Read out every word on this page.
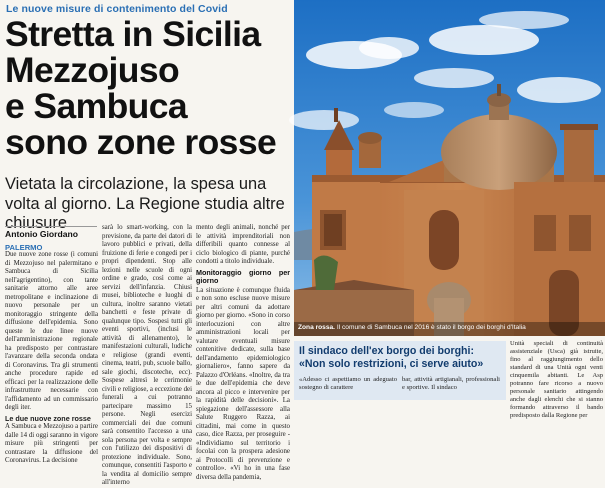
Le nuove misure di contenimento del Covid
Stretta in Sicilia
Mezzojuso
e Sambuca
sono zone rosse
Vietata la circolazione, la spesa una volta al giorno. La Regione studia altre chiusure
Antonio Giordano
PALERMO

Due nuove zone rosse (i comuni di Mezzojuso nel palermitano e Sambuca di Sicilia nell'agrigentino), con tante sanitarie attorno alle aree metropolitane e inclinazione di nuovo personale per un monitoraggio stringente della diffusione dell'epidemia. Sono queste le due linee nuove dell'amministrazione regionale ha predisposto per contrastare l'avanzare della seconda ondata di Coronavirus. Tra gli strumenti anche procedure rapide ed efficaci per la realizzazione delle infrastrutture necessarie con l'affidamento ad un commissario degli iter.

Le due nuove zone rosse

A Sambuca e Mezzojuso a partire dalle 14 di oggi saranno in vigore misure più stringenti per contrastare la diffusione del Coronavirus. La decisione

sarà lo smart-working, con la previsione, da parte dei datori di lavoro pubblici e privati, della fruizione di ferie e congedi per i propri dipendenti. Stop alle lezioni nelle scuole di ogni ordine e grado, così come ai servizi dell'infanzia. Chiusi musei, biblioteche e luoghi di cultura, inoltre saranno vietati banchetti e feste private di qualunque tipo. Sospesi tutti gli eventi sportivi, (inclusi le attività di allenamento), le manifestazioni culturali, ludiche e religiose (grandi eventi, cinema, teatri, pub, scuole ballo, sale giochi, discoteche, ecc). Sospese altresì le cerimonie civili e religiose, a eccezione dei funerali a cui potranno partecipare massimo 15 persone. Negli esercizi commerciali dei due comuni sarà consentito l'accesso a una sola persona per volta e sempre con l'utilizzo dei dispositivi di protezione individuale. Sono, comunque, consentiti l'asporto e la vendita al domicilio sempre all'interno

mento degli animali, nonché per le attività imprenditoriali non differibili quanto connesse al ciclo biologico di piante, purché condotti a titolo individuale.

Monitoraggio giorno per giorno

La situazione è comunque fluida e non sono escluse nuove misure per altri comuni da adottare giorno per giorno. «Sono in corso interlocuzioni con altre amministrazioni locali per valutare eventuali misure contenitive dedicate, sulla base dell'andamento epidemiologico giornaliero», fanno sapere da Palazzo d'Orléans. «Inoltre, da tra le due dell'epidemia che deve ancora al picco e intervenire per la rapidità delle decisioni». La spiegazione dell'assessore alla Salute Ruggero Razza, ai cittadini, mai come in questo caso, dice Razza, per proseguire - «Individiamo sul territorio i focolai con la prospera adesione ai Protocolli di prevenzione e controllo». «Vi ho in una fase diversa della pandemia,

Zona rossa. Il comune di Sambuca nel 2016 è stato il borgo dei borghi d'Italia
Il sindaco dell'ex borgo dei borghi: «Non solo restrizioni, ci serve aiuto»
«Adesso ci aspettiamo un adeguato sostegno di carattere
bar, attività artigianali, professionali e sportive. Il sindaco

Unità speciali di continuità assistenziale (Usca) già istruite, fino al raggiungimento dello standard di una Unità ogni venti cinquemila abitanti. Le Asp potranno fare ricorso a nuovo personale sanitario attingendo anche dagli elenchi che si stanno formando attraverso il bando predisposto dalla Regione per
